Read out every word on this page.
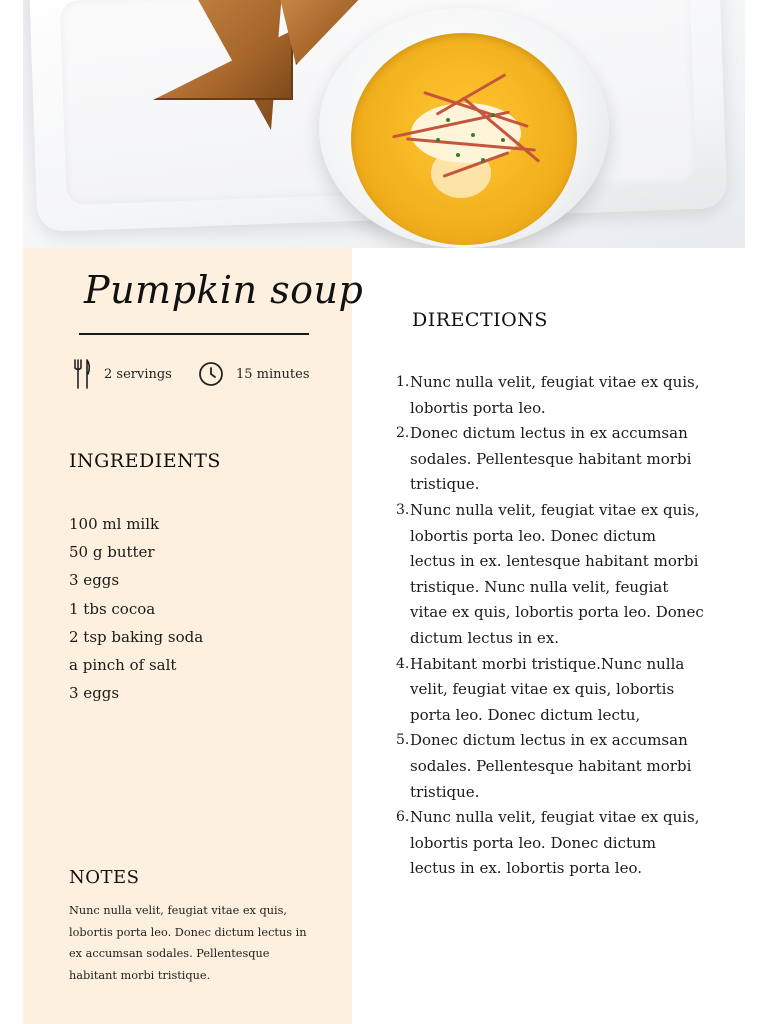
Pumpkin soup
2 servings	15 minutes
INGREDIENTS
100 ml milk
50 g butter
3 eggs
1 tbs cocoa
2 tsp baking soda
a pinch of salt
3 eggs
NOTES
Nunc nulla velit, feugiat vitae ex quis, lobortis porta leo. Donec dictum lectus in ex accumsan sodales. Pellentesque habitant morbi tristique.
DIRECTIONS
1. Nunc nulla velit, feugiat vitae ex quis, lobortis porta leo.
2. Donec dictum lectus in ex accumsan sodales. Pellentesque habitant morbi tristique.
3. Nunc nulla velit, feugiat vitae ex quis, lobortis porta leo. Donec dictum lectus in ex. lentesque habitant morbi tristique. Nunc nulla velit, feugiat vitae ex quis, lobortis porta leo. Donec dictum lectus in ex.
4. Habitant morbi tristique.Nunc nulla velit, feugiat vitae ex quis, lobortis porta leo. Donec dictum lectu,
5. Donec dictum lectus in ex accumsan sodales. Pellentesque habitant morbi tristique.
6. Nunc nulla velit, feugiat vitae ex quis, lobortis porta leo. Donec dictum lectus in ex. lobortis porta leo.
